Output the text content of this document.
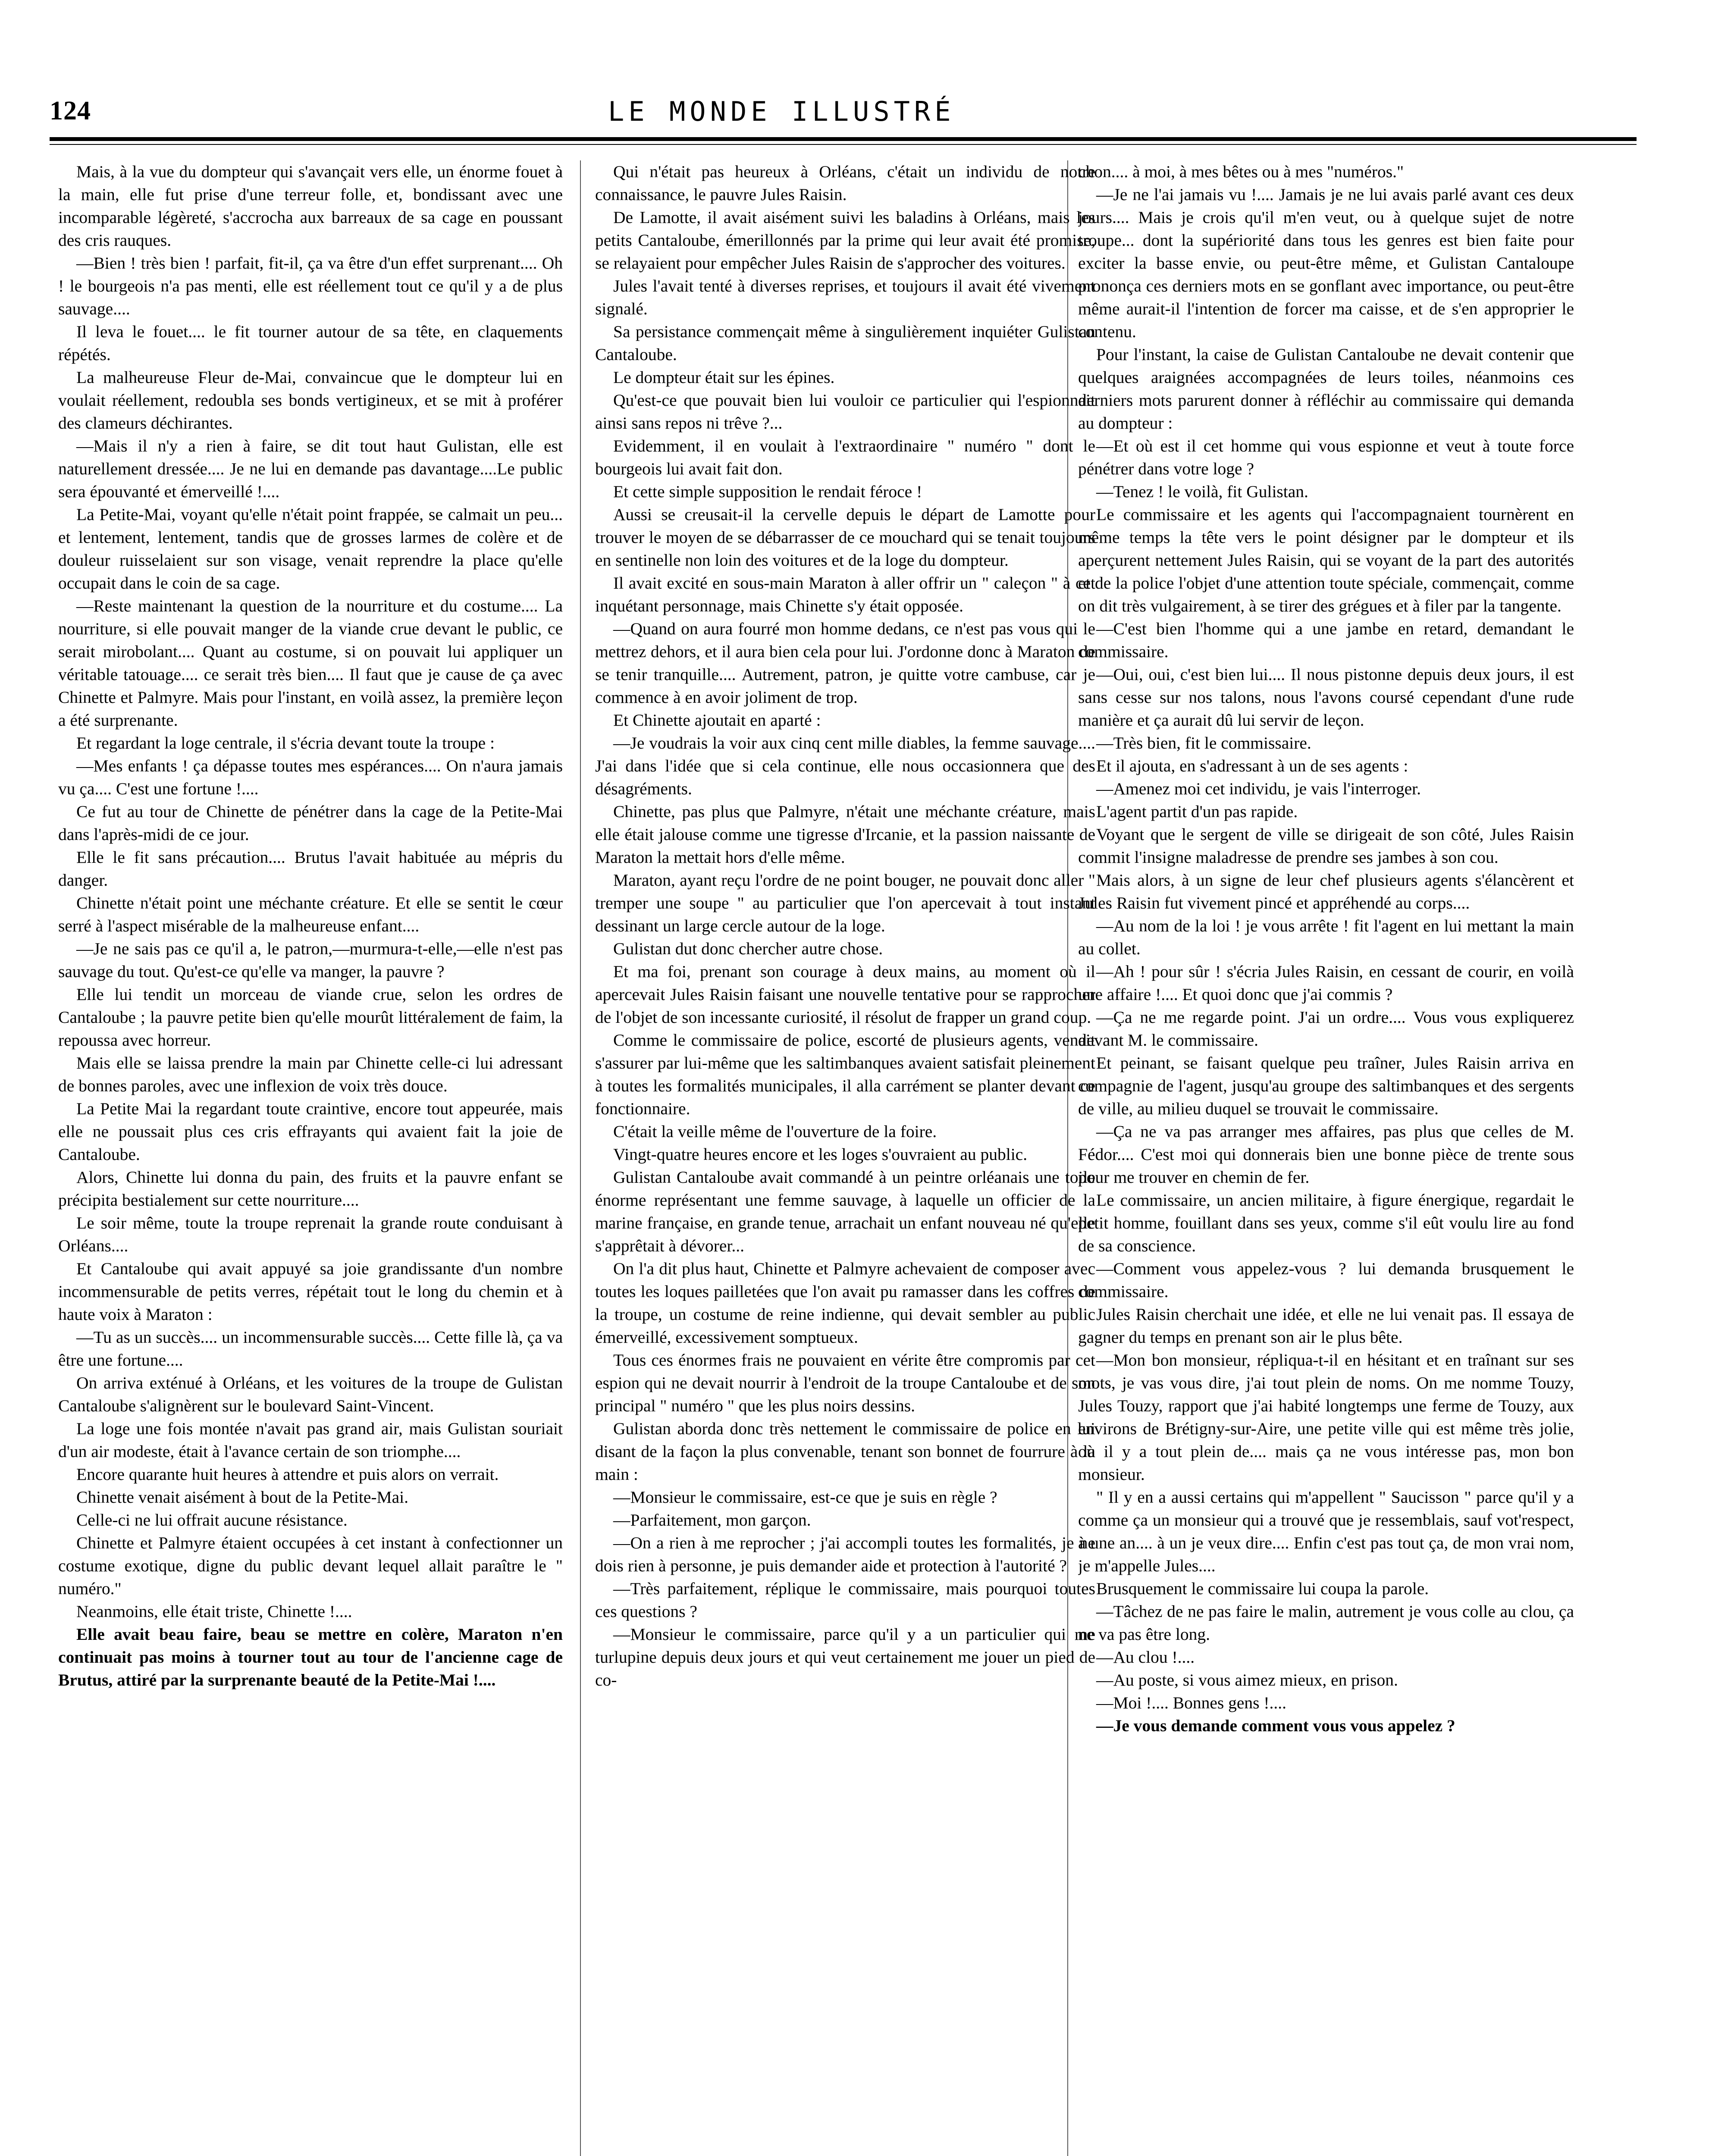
124	LE MONDE ILLUSTRÉ

Mais, à la vue du dompteur qui s'avançait vers elle, un énorme fouet à la main, elle fut prise d'une terreur folle, et, bondissant avec une incomparable légèreté, s'accrocha aux barreaux de sa cage en poussant des cris rauques.

—Bien ! très bien ! parfait, fit-il, ça va être d'un effet surprenant.... Oh ! le bourgeois n'a pas menti, elle est réellement tout ce qu'il y a de plus sauvage....

Il leva le fouet.... le fit tourner autour de sa tête, en claquements répétés.

La malheureuse Fleur de-Mai, convaincue que le dompteur lui en voulait réellement, redoubla ses bonds vertigineux, et se mit à proférer des clameurs déchirantes.

—Mais il n'y a rien à faire, se dit tout haut Gulistan, elle est naturellement dressée.... Je ne lui en demande pas davantage....Le public sera épouvanté et émerveillé !....

La Petite-Mai, voyant qu'elle n'était point frappée, se calmait un peu... et lentement, lentement, tandis que de grosses larmes de colère et de douleur ruisselaient sur son visage, venait reprendre la place qu'elle occupait dans le coin de sa cage.

—Reste maintenant la question de la nourriture et du costume.... La nourriture, si elle pouvait manger de la viande crue devant le public, ce serait mirobolant.... Quant au costume, si on pouvait lui appliquer un véritable tatouage.... ce serait très bien.... Il faut que je cause de ça avec Chinette et Palmyre. Mais pour l'instant, en voilà assez, la première leçon a été surprenante.

Et regardant la loge centrale, il s'écria devant toute la troupe :

—Mes enfants ! ça dépasse toutes mes espérances.... On n'aura jamais vu ça.... C'est une fortune !....

Ce fut au tour de Chinette de pénétrer dans la cage de la Petite-Mai dans l'après-midi de ce jour.

Elle le fit sans précaution.... Brutus l'avait habituée au mépris du danger.

Chinette n'était point une méchante créature. Et elle se sentit le cœur serré à l'aspect misérable de la malheureuse enfant....

—Je ne sais pas ce qu'il a, le patron,—murmura-t-elle,—elle n'est pas sauvage du tout. Qu'est-ce qu'elle va manger, la pauvre ?

Elle lui tendit un morceau de viande crue, selon les ordres de Cantaloube ; la pauvre petite bien qu'elle mourût littéralement de faim, la repoussa avec horreur.

Mais elle se laissa prendre la main par Chinette celle-ci lui adressant de bonnes paroles, avec une inflexion de voix très douce.

La Petite Mai la regardant toute craintive, encore tout appeurée, mais elle ne poussait plus ces cris effrayants qui avaient fait la joie de Cantaloube.

Alors, Chinette lui donna du pain, des fruits et la pauvre enfant se précipita bestialement sur cette nourriture....

Le soir même, toute la troupe reprenait la grande route conduisant à Orléans....

Et Cantaloube qui avait appuyé sa joie grandissante d'un nombre incommensurable de petits verres, répétait tout le long du chemin et à haute voix à Maraton :

—Tu as un succès.... un incommensurable succès.... Cette fille là, ça va être une fortune....

On arriva exténué à Orléans, et les voitures de la troupe de Gulistan Cantaloube s'alignèrent sur le boulevard Saint-Vincent.

La loge une fois montée n'avait pas grand air, mais Gulistan souriait d'un air modeste, était à l'avance certain de son triomphe....

Encore quarante huit heures à attendre et puis alors on verrait.

Chinette venait aisément à bout de la Petite-Mai.

Celle-ci ne lui offrait aucune résistance.

Chinette et Palmyre étaient occupées à cet instant à confectionner un costume exotique, digne du public devant lequel allait paraître le " numéro."

Neanmoins, elle était triste, Chinette !....

Elle avait beau faire, beau se mettre en colère, Maraton n'en continuait pas moins à tourner tout au tour de l'ancienne cage de Brutus, attiré par la surprenante beauté de la Petite-Mai !....

Qui n'était pas heureux à Orléans, c'était un individu de notre connaissance, le pauvre Jules Raisin.

De Lamotte, il avait aisément suivi les baladins à Orléans, mais les petits Cantaloube, émerillonnés par la prime qui leur avait été promise, se relayaient pour empêcher Jules Raisin de s'approcher des voitures.

Jules l'avait tenté à diverses reprises, et toujours il avait été vivement signalé.

Sa persistance commençait même à singulièrement inquiéter Gulistan Cantaloube.

Le dompteur était sur les épines.

Qu'est-ce que pouvait bien lui vouloir ce particulier qui l'espionnait ainsi sans repos ni trêve ?...

Evidemment, il en voulait à l'extraordinaire " numéro " dont le bourgeois lui avait fait don.

Et cette simple supposition le rendait féroce !

Aussi se creusait-il la cervelle depuis le départ de Lamotte pour trouver le moyen de se débarrasser de ce mouchard qui se tenait toujours en sentinelle non loin des voitures et de la loge du dompteur.

Il avait excité en sous-main Maraton à aller offrir un " caleçon " à cet inquétant personnage, mais Chinette s'y était opposée.

—Quand on aura fourré mon homme dedans, ce n'est pas vous qui le mettrez dehors, et il aura bien cela pour lui. J'ordonne donc à Maraton de se tenir tranquille.... Autrement, patron, je quitte votre cambuse, car je commence à en avoir joliment de trop.

Et Chinette ajoutait en aparté :

—Je voudrais la voir aux cinq cent mille diables, la femme sauvage.... J'ai dans l'idée que si cela continue, elle nous occasionnera que des désagréments.

Chinette, pas plus que Palmyre, n'était une méchante créature, mais elle était jalouse comme une tigresse d'Ircanie, et la passion naissante de Maraton la mettait hors d'elle même.

Maraton, ayant reçu l'ordre de ne point bouger, ne pouvait donc aller " tremper une soupe " au particulier que l'on apercevait à tout instant dessinant un large cercle autour de la loge.

Gulistan dut donc chercher autre chose.

Et ma foi, prenant son courage à deux mains, au moment où il apercevait Jules Raisin faisant une nouvelle tentative pour se rapprocher de l'objet de son incessante curiosité, il résolut de frapper un grand coup.

Comme le commissaire de police, escorté de plusieurs agents, venait s'assurer par lui-même que les saltimbanques avaient satisfait pleinement à toutes les formalités municipales, il alla carrément se planter devant ce fonctionnaire.

C'était la veille même de l'ouverture de la foire.

Vingt-quatre heures encore et les loges s'ouvraient au public.

Gulistan Cantaloube avait commandé à un peintre orléanais une toile énorme représentant une femme sauvage, à laquelle un officier de la marine française, en grande tenue, arrachait un enfant nouveau né qu'elle s'apprêtait à dévorer...

On l'a dit plus haut, Chinette et Palmyre achevaient de composer avec toutes les loques pailletées que l'on avait pu ramasser dans les coffres de la troupe, un costume de reine indienne, qui devait sembler au public émerveillé, excessivement somptueux.

Tous ces énormes frais ne pouvaient en vérite être compromis par cet espion qui ne devait nourrir à l'endroit de la troupe Cantaloube et de son principal " numéro " que les plus noirs dessins.

Gulistan aborda donc très nettement le commissaire de police en lui disant de la façon la plus convenable, tenant son bonnet de fourrure à la main :

—Monsieur le commissaire, est-ce que je suis en règle ?

—Parfaitement, mon garçon.

—On a rien à me reprocher ; j'ai accompli toutes les formalités, je ne dois rien à personne, je puis demander aide et protection à l'autorité ?

—Très parfaitement, réplique le commissaire, mais pourquoi toutes ces questions ?

—Monsieur le commissaire, parce qu'il y a un particulier qui me turlupine depuis deux jours et qui veut certainement me jouer un pied de co-

chon.... à moi, à mes bêtes ou à mes "numéros."

—Je ne l'ai jamais vu !.... Jamais je ne lui avais parlé avant ces deux jours.... Mais je crois qu'il m'en veut, ou à quelque sujet de notre troupe... dont la supériorité dans tous les genres est bien faite pour exciter la basse envie, ou peut-être même, et Gulistan Cantaloupe prononça ces derniers mots en se gonflant avec importance, ou peut-être même aurait-il l'intention de forcer ma caisse, et de s'en approprier le contenu.

Pour l'instant, la caise de Gulistan Cantaloube ne devait contenir que quelques araignées accompagnées de leurs toiles, néanmoins ces derniers mots parurent donner à réfléchir au commissaire qui demanda au dompteur :

—Et où est il cet homme qui vous espionne et veut à toute force pénétrer dans votre loge ?

—Tenez ! le voilà, fit Gulistan.

Le commissaire et les agents qui l'accompagnaient tournèrent en même temps la tête vers le point désigner par le dompteur et ils aperçurent nettement Jules Raisin, qui se voyant de la part des autorités et de la police l'objet d'une attention toute spéciale, commençait, comme on dit très vulgairement, à se tirer des grégues et à filer par la tangente.

—C'est bien l'homme qui a une jambe en retard, demandant le commissaire.

—Oui, oui, c'est bien lui.... Il nous pistonne depuis deux jours, il est sans cesse sur nos talons, nous l'avons coursé cependant d'une rude manière et ça aurait dû lui servir de leçon.

—Très bien, fit le commissaire.

Et il ajouta, en s'adressant à un de ses agents :

—Amenez moi cet individu, je vais l'interroger.

L'agent partit d'un pas rapide.

Voyant que le sergent de ville se dirigeait de son côté, Jules Raisin commit l'insigne maladresse de prendre ses jambes à son cou.

Mais alors, à un signe de leur chef plusieurs agents s'élancèrent et Jules Raisin fut vivement pincé et appréhendé au corps....

—Au nom de la loi ! je vous arrête ! fit l'agent en lui mettant la main au collet.

—Ah ! pour sûr ! s'écria Jules Raisin, en cessant de courir, en voilà une affaire !.... Et quoi donc que j'ai commis ?

—Ça ne me regarde point. J'ai un ordre.... Vous vous expliquerez devant M. le commissaire.

Et peinant, se faisant quelque peu traîner, Jules Raisin arriva en compagnie de l'agent, jusqu'au groupe des saltimbanques et des sergents de ville, au milieu duquel se trouvait le commissaire.

—Ça ne va pas arranger mes affaires, pas plus que celles de M. Fédor.... C'est moi qui donnerais bien une bonne pièce de trente sous pour me trouver en chemin de fer.

Le commissaire, un ancien militaire, à figure énergique, regardait le petit homme, fouillant dans ses yeux, comme s'il eût voulu lire au fond de sa conscience.

—Comment vous appelez-vous ? lui demanda brusquement le commissaire.

Jules Raisin cherchait une idée, et elle ne lui venait pas. Il essaya de gagner du temps en prenant son air le plus bête.

—Mon bon monsieur, répliqua-t-il en hésitant et en traînant sur ses mots, je vas vous dire, j'ai tout plein de noms. On me nomme Touzy, Jules Touzy, rapport que j'ai habité longtemps une ferme de Touzy, aux environs de Brétigny-sur-Aire, une petite ville qui est même très jolie, où il y a tout plein de.... mais ça ne vous intéresse pas, mon bon monsieur.

" Il y en a aussi certains qui m'appellent " Saucisson " parce qu'il y a comme ça un monsieur qui a trouvé que je ressemblais, sauf vot'respect, à une an.... à un je veux dire.... Enfin c'est pas tout ça, de mon vrai nom, je m'appelle Jules....

Brusquement le commissaire lui coupa la parole.

—Tâchez de ne pas faire le malin, autrement je vous colle au clou, ça ne va pas être long.

—Au clou !....

—Au poste, si vous aimez mieux, en prison.

—Moi !.... Bonnes gens !....

—Je vous demande comment vous vous appelez ?
